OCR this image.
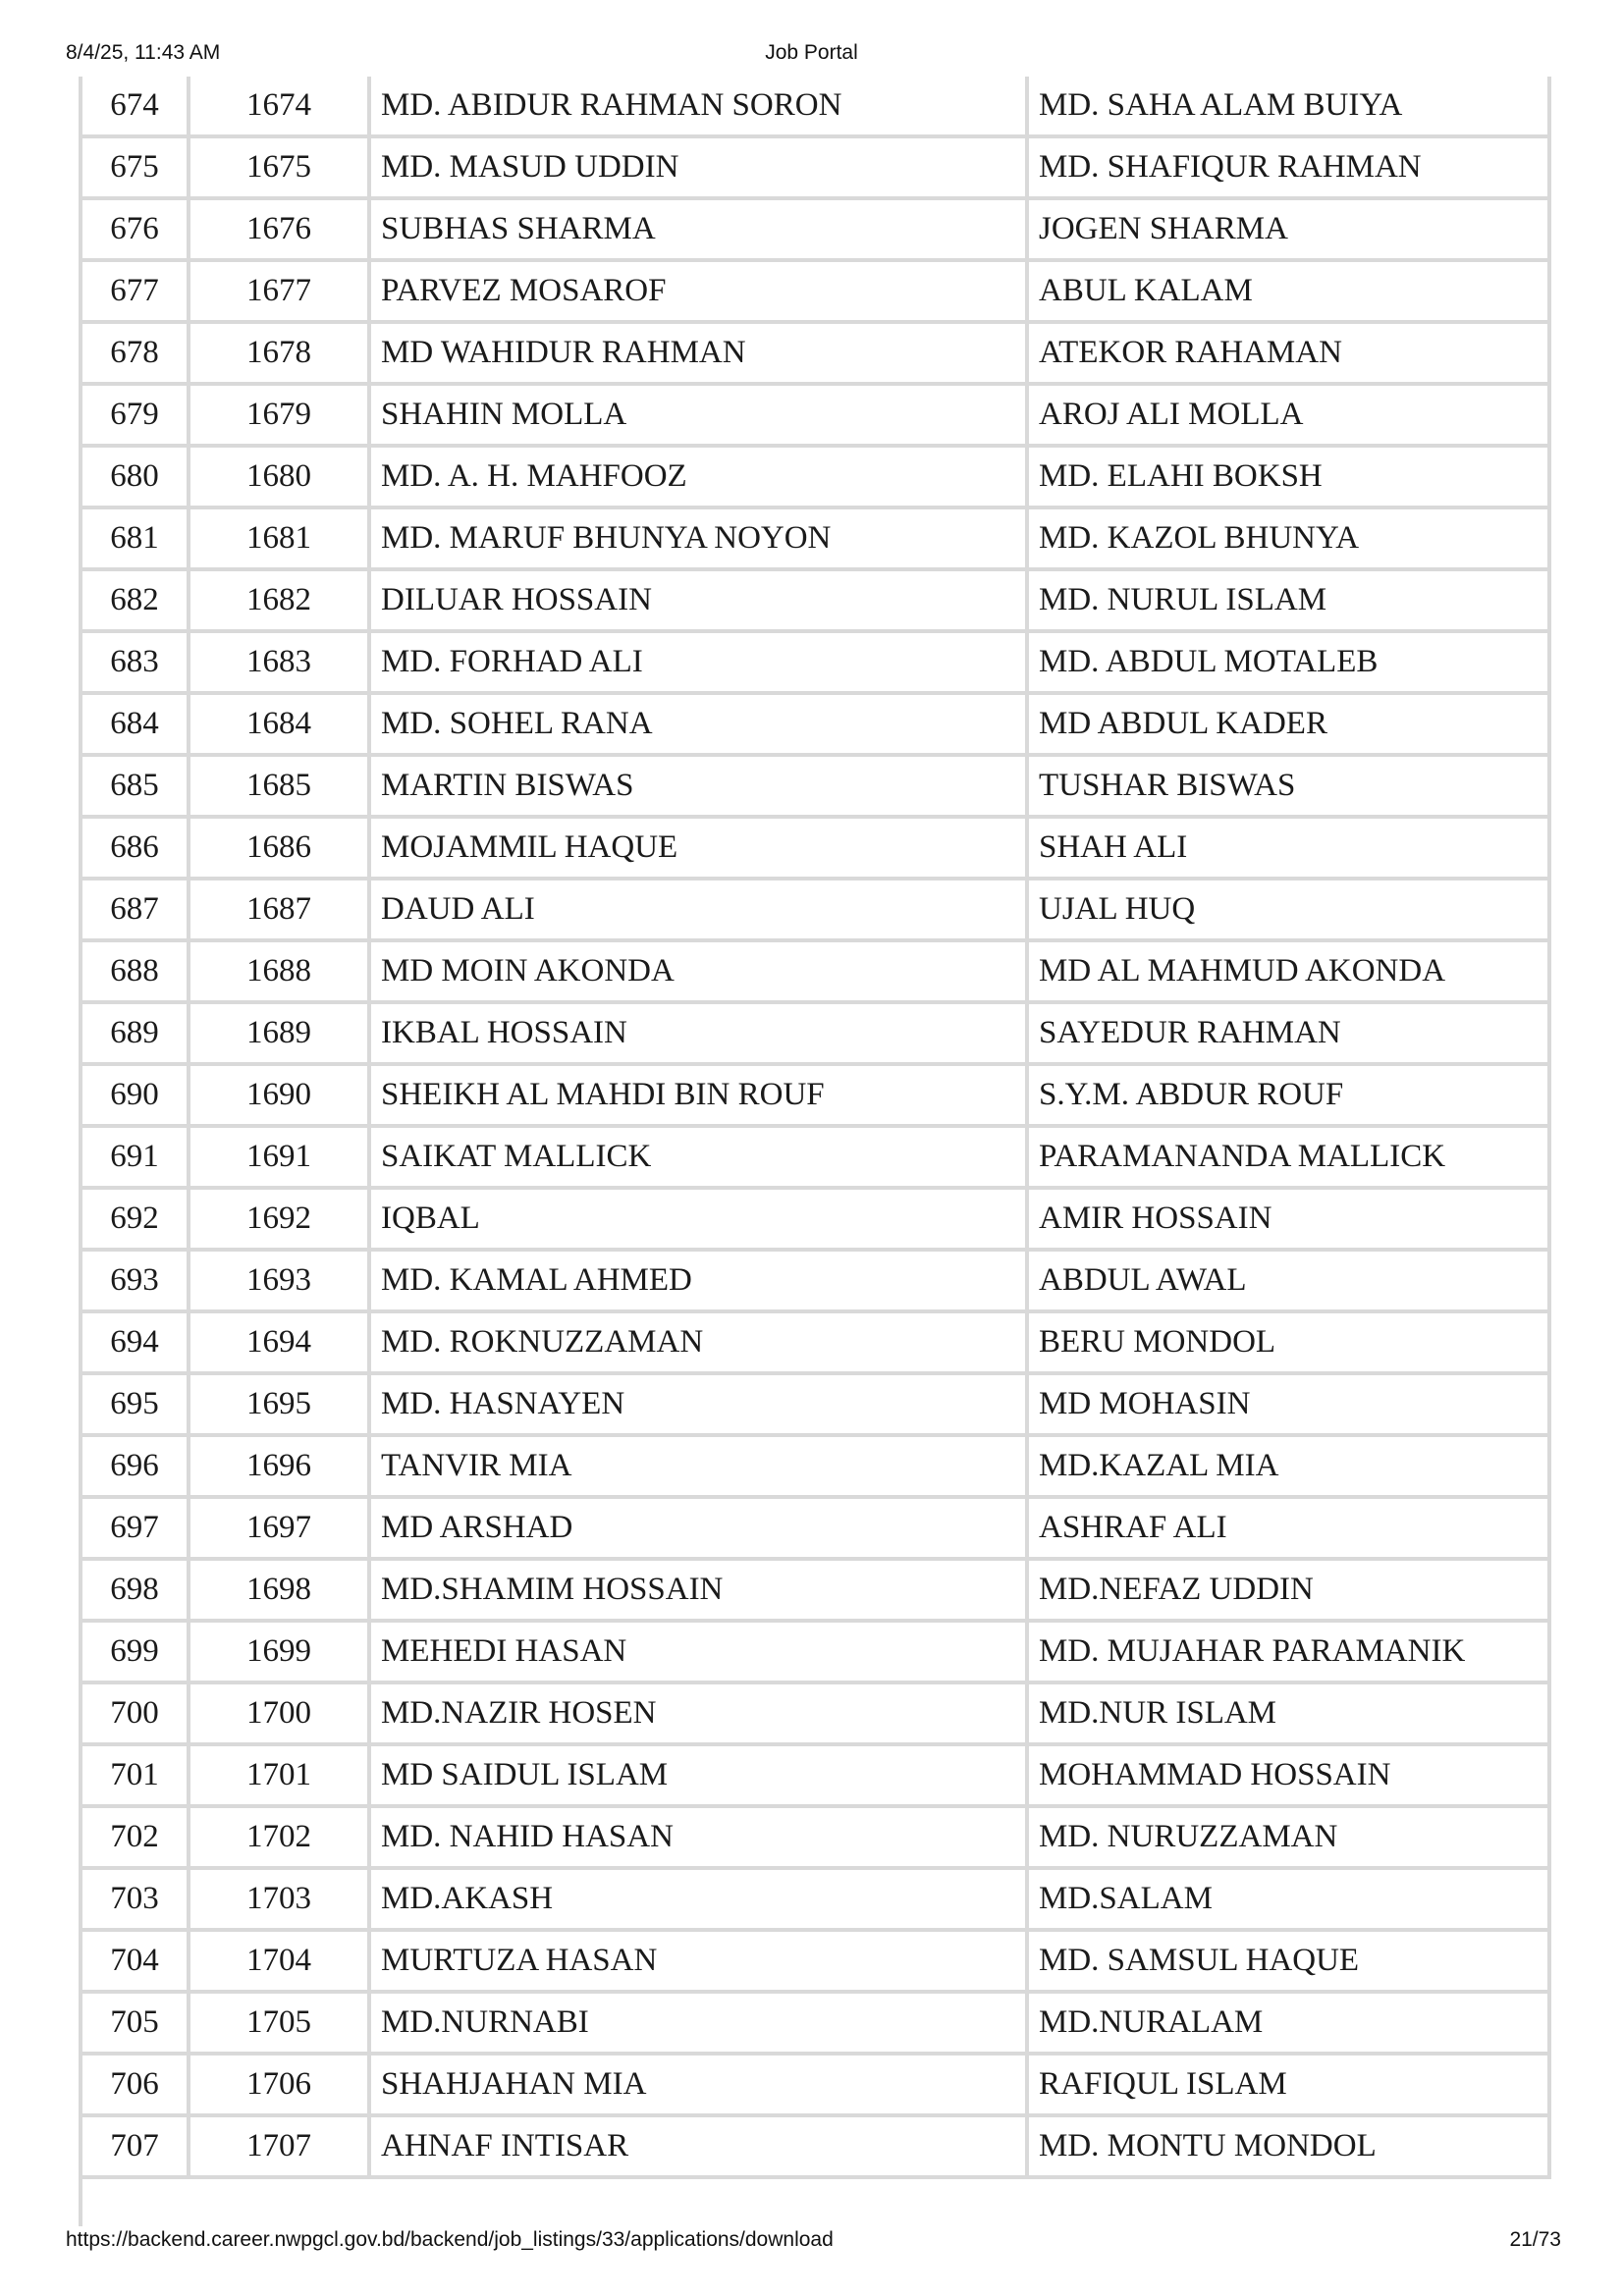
8/4/25, 11:43 AM	Job Portal
674	1674	MD. ABIDUR RAHMAN SORON	MD. SAHA ALAM BUIYA
675	1675	MD. MASUD UDDIN	MD. SHAFIQUR RAHMAN
676	1676	SUBHAS SHARMA	JOGEN SHARMA
677	1677	PARVEZ MOSAROF	ABUL KALAM
678	1678	MD WAHIDUR RAHMAN	ATEKOR RAHAMAN
679	1679	SHAHIN MOLLA	AROJ ALI MOLLA
680	1680	MD. A. H. MAHFOOZ	MD. ELAHI BOKSH
681	1681	MD. MARUF BHUNYA NOYON	MD. KAZOL BHUNYA
682	1682	DILUAR HOSSAIN	MD. NURUL ISLAM
683	1683	MD. FORHAD ALI	MD. ABDUL MOTALEB
684	1684	MD. SOHEL RANA	MD ABDUL KADER
685	1685	MARTIN BISWAS	TUSHAR BISWAS
686	1686	MOJAMMIL HAQUE	SHAH ALI
687	1687	DAUD ALI	UJAL HUQ
688	1688	MD MOIN AKONDA	MD AL MAHMUD AKONDA
689	1689	IKBAL HOSSAIN	SAYEDUR RAHMAN
690	1690	SHEIKH AL MAHDI BIN ROUF	S.Y.M. ABDUR ROUF
691	1691	SAIKAT MALLICK	PARAMANANDA MALLICK
692	1692	IQBAL	AMIR HOSSAIN
693	1693	MD. KAMAL AHMED	ABDUL AWAL
694	1694	MD. ROKNUZZAMAN	BERU MONDOL
695	1695	MD. HASNAYEN	MD MOHASIN
696	1696	TANVIR MIA	MD.KAZAL MIA
697	1697	MD ARSHAD	ASHRAF ALI
698	1698	MD.SHAMIM HOSSAIN	MD.NEFAZ UDDIN
699	1699	MEHEDI HASAN	MD. MUJAHAR PARAMANIK
700	1700	MD.NAZIR HOSEN	MD.NUR ISLAM
701	1701	MD SAIDUL ISLAM	MOHAMMAD HOSSAIN
702	1702	MD. NAHID HASAN	MD. NURUZZAMAN
703	1703	MD.AKASH	MD.SALAM
704	1704	MURTUZA HASAN	MD. SAMSUL HAQUE
705	1705	MD.NURNABI	MD.NURALAM
706	1706	SHAHJAHAN MIA	RAFIQUL ISLAM
707	1707	AHNAF INTISAR	MD. MONTU MONDOL
https://backend.career.nwpgcl.gov.bd/backend/job_listings/33/applications/download	21/73
